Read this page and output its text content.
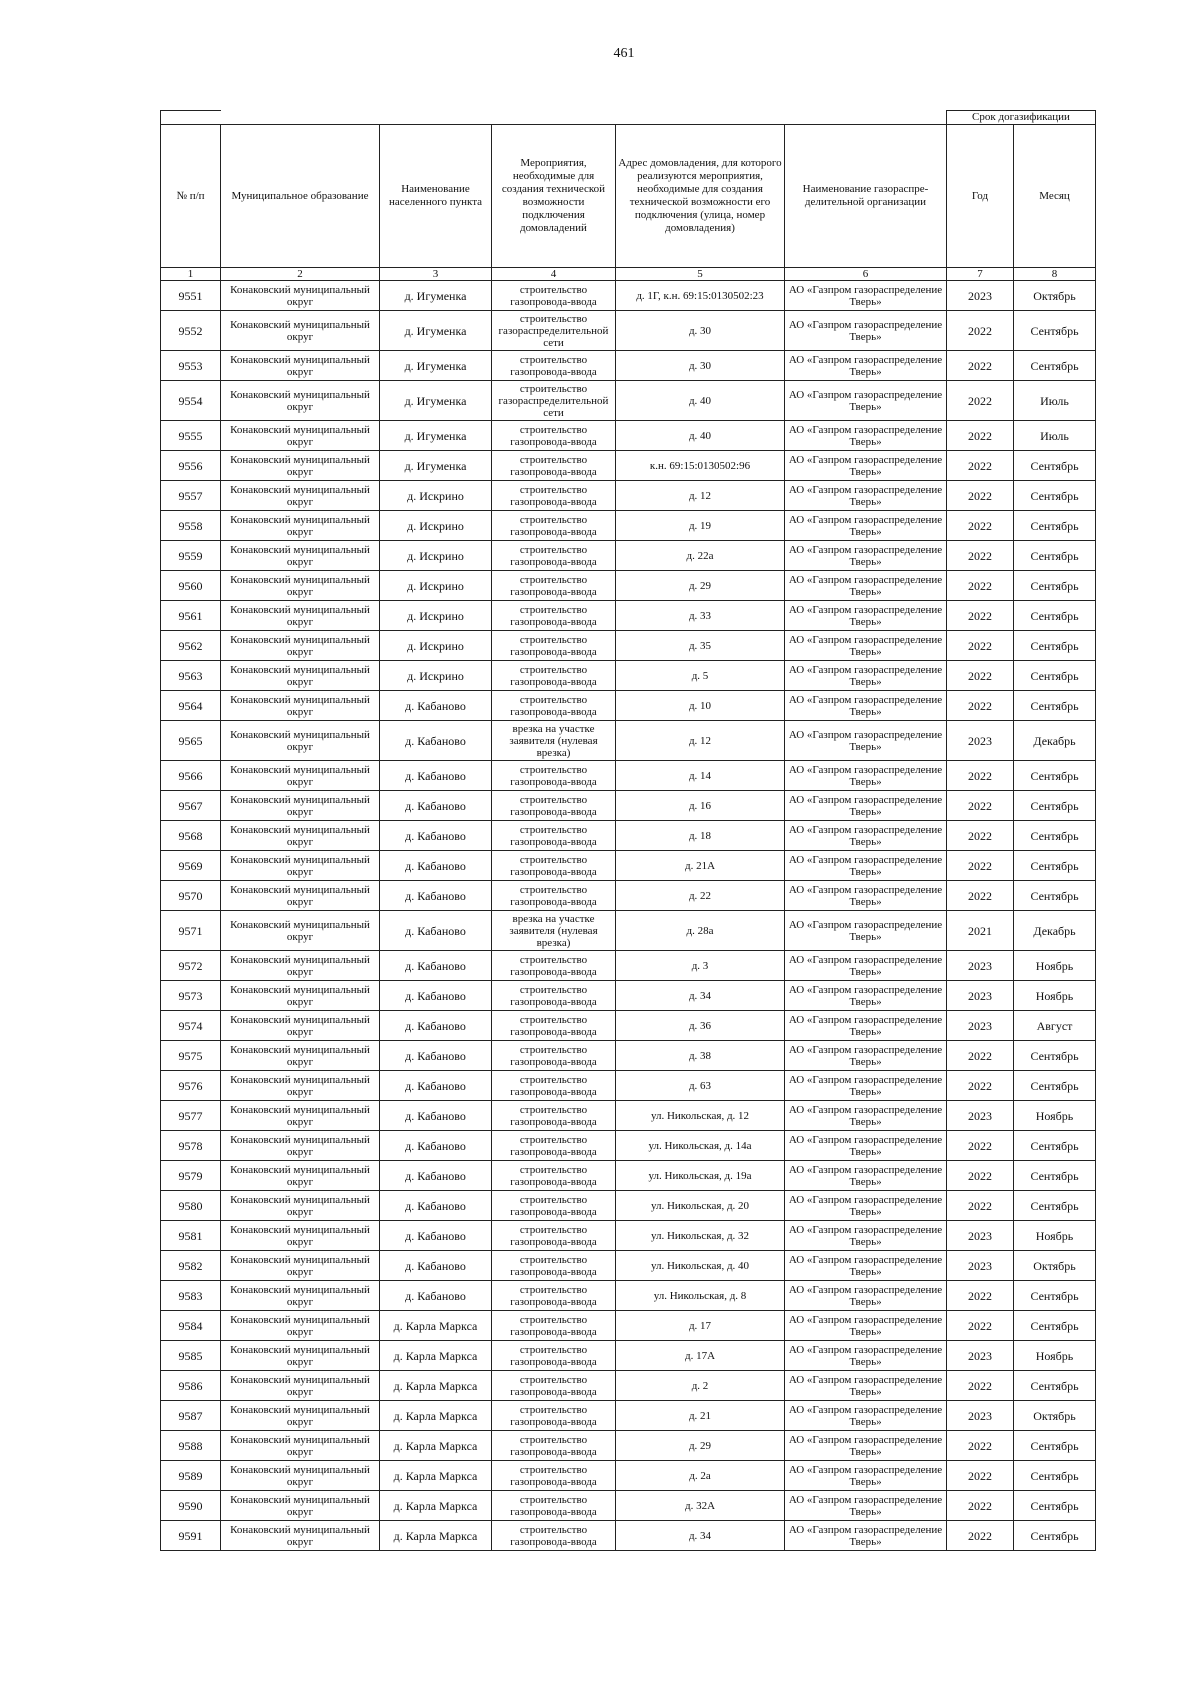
461
						Срок догазификации	
№ п/п	Муниципальное образование	Наименование населенного пункта	Мероприятия, необходимые для создания технической возможности подключения домовладений	Адрес домовладения, для которого реализуются мероприятия, необходимые для создания технической возможности его подключения (улица, номер домовладения)	Наименование газораспре-делительной организации	Год	Месяц
1	2	3	4	5	6	7	8
9551	Конаковский муниципальный округ	д. Игуменка	строительство газопровода-ввода	д. 1Г, к.н. 69:15:0130502:23	АО «Газпром газораспределение Тверь»	2023	Октябрь
9552	Конаковский муниципальный округ	д. Игуменка	строительство газораспределительной сети	д. 30	АО «Газпром газораспределение Тверь»	2022	Сентябрь
9553	Конаковский муниципальный округ	д. Игуменка	строительство газопровода-ввода	д. 30	АО «Газпром газораспределение Тверь»	2022	Сентябрь
9554	Конаковский муниципальный округ	д. Игуменка	строительство газораспределительной сети	д. 40	АО «Газпром газораспределение Тверь»	2022	Июль
9555	Конаковский муниципальный округ	д. Игуменка	строительство газопровода-ввода	д. 40	АО «Газпром газораспределение Тверь»	2022	Июль
9556	Конаковский муниципальный округ	д. Игуменка	строительство газопровода-ввода	к.н. 69:15:0130502:96	АО «Газпром газораспределение Тверь»	2022	Сентябрь
9557	Конаковский муниципальный округ	д. Искрино	строительство газопровода-ввода	д. 12	АО «Газпром газораспределение Тверь»	2022	Сентябрь
9558	Конаковский муниципальный округ	д. Искрино	строительство газопровода-ввода	д. 19	АО «Газпром газораспределение Тверь»	2022	Сентябрь
9559	Конаковский муниципальный округ	д. Искрино	строительство газопровода-ввода	д. 22а	АО «Газпром газораспределение Тверь»	2022	Сентябрь
9560	Конаковский муниципальный округ	д. Искрино	строительство газопровода-ввода	д. 29	АО «Газпром газораспределение Тверь»	2022	Сентябрь
9561	Конаковский муниципальный округ	д. Искрино	строительство газопровода-ввода	д. 33	АО «Газпром газораспределение Тверь»	2022	Сентябрь
9562	Конаковский муниципальный округ	д. Искрино	строительство газопровода-ввода	д. 35	АО «Газпром газораспределение Тверь»	2022	Сентябрь
9563	Конаковский муниципальный округ	д. Искрино	строительство газопровода-ввода	д. 5	АО «Газпром газораспределение Тверь»	2022	Сентябрь
9564	Конаковский муниципальный округ	д. Кабаново	строительство газопровода-ввода	д. 10	АО «Газпром газораспределение Тверь»	2022	Сентябрь
9565	Конаковский муниципальный округ	д. Кабаново	врезка на участке заявителя (нулевая врезка)	д. 12	АО «Газпром газораспределение Тверь»	2023	Декабрь
9566	Конаковский муниципальный округ	д. Кабаново	строительство газопровода-ввода	д. 14	АО «Газпром газораспределение Тверь»	2022	Сентябрь
9567	Конаковский муниципальный округ	д. Кабаново	строительство газопровода-ввода	д. 16	АО «Газпром газораспределение Тверь»	2022	Сентябрь
9568	Конаковский муниципальный округ	д. Кабаново	строительство газопровода-ввода	д. 18	АО «Газпром газораспределение Тверь»	2022	Сентябрь
9569	Конаковский муниципальный округ	д. Кабаново	строительство газопровода-ввода	д. 21А	АО «Газпром газораспределение Тверь»	2022	Сентябрь
9570	Конаковский муниципальный округ	д. Кабаново	строительство газопровода-ввода	д. 22	АО «Газпром газораспределение Тверь»	2022	Сентябрь
9571	Конаковский муниципальный округ	д. Кабаново	врезка на участке заявителя (нулевая врезка)	д. 28а	АО «Газпром газораспределение Тверь»	2021	Декабрь
9572	Конаковский муниципальный округ	д. Кабаново	строительство газопровода-ввода	д. 3	АО «Газпром газораспределение Тверь»	2023	Ноябрь
9573	Конаковский муниципальный округ	д. Кабаново	строительство газопровода-ввода	д. 34	АО «Газпром газораспределение Тверь»	2023	Ноябрь
9574	Конаковский муниципальный округ	д. Кабаново	строительство газопровода-ввода	д. 36	АО «Газпром газораспределение Тверь»	2023	Август
9575	Конаковский муниципальный округ	д. Кабаново	строительство газопровода-ввода	д. 38	АО «Газпром газораспределение Тверь»	2022	Сентябрь
9576	Конаковский муниципальный округ	д. Кабаново	строительство газопровода-ввода	д. 63	АО «Газпром газораспределение Тверь»	2022	Сентябрь
9577	Конаковский муниципальный округ	д. Кабаново	строительство газопровода-ввода	ул. Никольская, д. 12	АО «Газпром газораспределение Тверь»	2023	Ноябрь
9578	Конаковский муниципальный округ	д. Кабаново	строительство газопровода-ввода	ул. Никольская, д. 14а	АО «Газпром газораспределение Тверь»	2022	Сентябрь
9579	Конаковский муниципальный округ	д. Кабаново	строительство газопровода-ввода	ул. Никольская, д. 19а	АО «Газпром газораспределение Тверь»	2022	Сентябрь
9580	Конаковский муниципальный округ	д. Кабаново	строительство газопровода-ввода	ул. Никольская, д. 20	АО «Газпром газораспределение Тверь»	2022	Сентябрь
9581	Конаковский муниципальный округ	д. Кабаново	строительство газопровода-ввода	ул. Никольская, д. 32	АО «Газпром газораспределение Тверь»	2023	Ноябрь
9582	Конаковский муниципальный округ	д. Кабаново	строительство газопровода-ввода	ул. Никольская, д. 40	АО «Газпром газораспределение Тверь»	2023	Октябрь
9583	Конаковский муниципальный округ	д. Кабаново	строительство газопровода-ввода	ул. Никольская, д. 8	АО «Газпром газораспределение Тверь»	2022	Сентябрь
9584	Конаковский муниципальный округ	д. Карла Маркса	строительство газопровода-ввода	д. 17	АО «Газпром газораспределение Тверь»	2022	Сентябрь
9585	Конаковский муниципальный округ	д. Карла Маркса	строительство газопровода-ввода	д. 17А	АО «Газпром газораспределение Тверь»	2023	Ноябрь
9586	Конаковский муниципальный округ	д. Карла Маркса	строительство газопровода-ввода	д. 2	АО «Газпром газораспределение Тверь»	2022	Сентябрь
9587	Конаковский муниципальный округ	д. Карла Маркса	строительство газопровода-ввода	д. 21	АО «Газпром газораспределение Тверь»	2023	Октябрь
9588	Конаковский муниципальный округ	д. Карла Маркса	строительство газопровода-ввода	д. 29	АО «Газпром газораспределение Тверь»	2022	Сентябрь
9589	Конаковский муниципальный округ	д. Карла Маркса	строительство газопровода-ввода	д. 2а	АО «Газпром газораспределение Тверь»	2022	Сентябрь
9590	Конаковский муниципальный округ	д. Карла Маркса	строительство газопровода-ввода	д. 32А	АО «Газпром газораспределение Тверь»	2022	Сентябрь
9591	Конаковский муниципальный округ	д. Карла Маркса	строительство газопровода-ввода	д. 34	АО «Газпром газораспределение Тверь»	2022	Сентябрь
